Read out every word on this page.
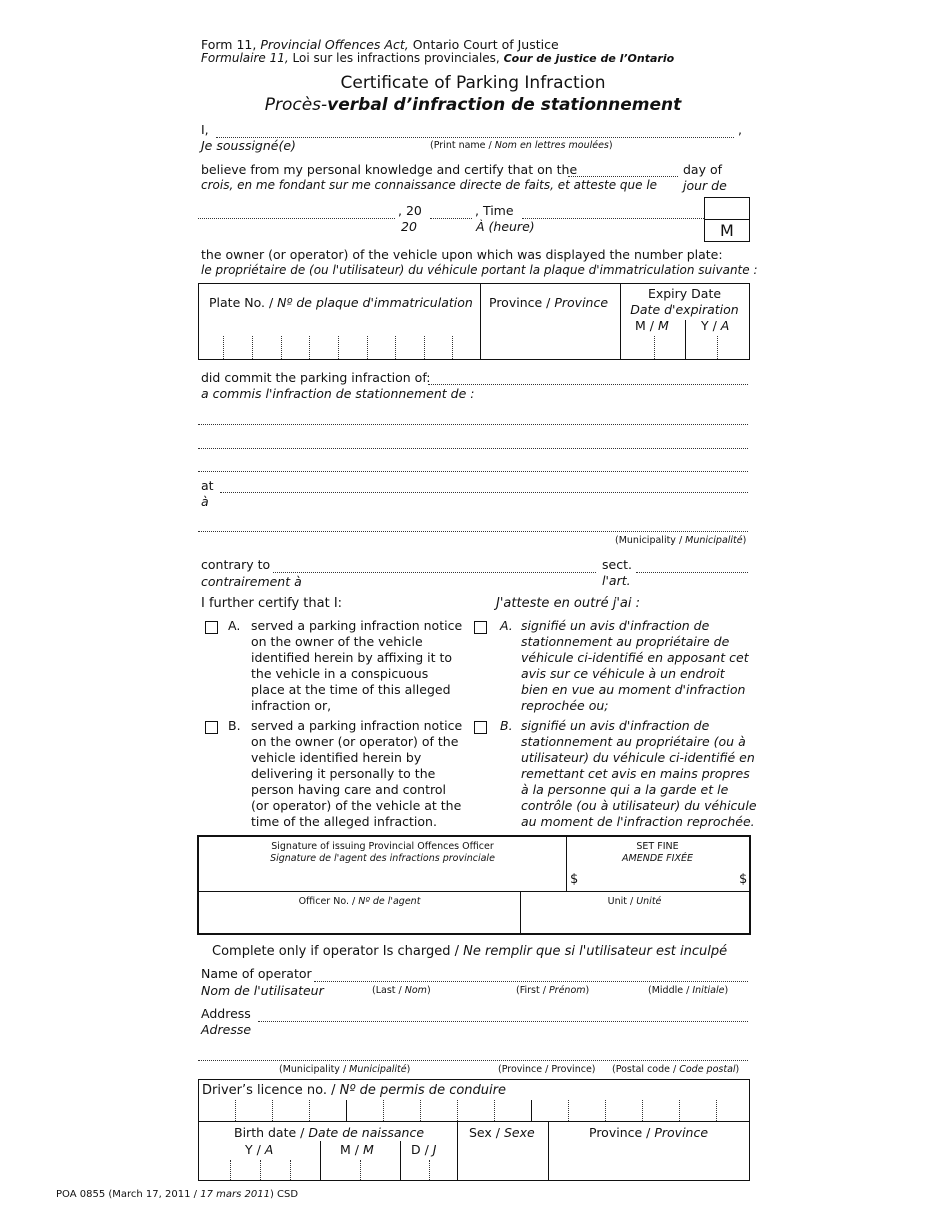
Form 11, Provincial Offences Act, Ontario Court of Justice
Formulaire 11, Loi sur les infractions provinciales, Cour de justice de l’Ontario
Certificate of Parking Infraction
Procès-verbal d’infraction de stationnement
I,	,
Je soussigné(e)	(Print name / Nom en lettres moulées)
believe from my personal knowledge and certify that on the	day of
crois, en me fondant sur me connaissance directe de faits, et atteste que le jour de
, 20
20
, Time
À (heure)	M
the owner (or operator) of the vehicle upon which was displayed the number plate:
le propriétaire de (ou l'utilisateur) du véhicule portant la plaque d'immatriculation suivante :
Plate No. / Nº de plaque d'immatriculation Province / Province
Expiry Date
Date d'expiration
M / M	Y / A
did commit the parking infraction of:
a commis l'infraction de stationnement de :
at
à
(Municipality / Municipalité)
contrary to
contrairement à
sect.
l'art.
I further certify that I:	J'atteste en outré j'ai :
A. served a parking infraction notice
on the owner of the vehicle
identified herein by affixing it to
the vehicle in a conspicuous
place at the time of this alleged
infraction or,
A. signifié un avis d'infraction de
stationnement au propriétaire de
véhicule ci-identifié en apposant cet
avis sur ce véhicule à un endroit
bien en vue au moment d'infraction
reprochée ou;
B. served a parking infraction notice
on the owner (or operator) of the
vehicle identified herein by
delivering it personally to the
person having care and control
(or operator) of the vehicle at the
time of the alleged infraction.
B. signifié un avis d'infraction de
stationnement au propriétaire (ou à
utilisateur) du véhicule ci-identifié en
remettant cet avis en mains propres
à la personne qui a la garde et le
contrôle (ou à utilisateur) du véhicule
au moment de l'infraction reprochée.
Signature of issuing Provincial Offences Officer
Signature de l'agent des infractions provinciale
SET FINE
AMENDE FIXÉE
$	$
Officer No. / Nº de l'agent	Unit / Unité
Complete only if operator Is charged / Ne remplir que si l'utilisateur est inculpé
Name of operator
Nom de l'utilisateur	(Last / Nom)	(First / Prénom)	(Middle / Initiale)
Address
Adresse
(Municipality / Municipalité)	(Province / Province) (Postal code / Code postal)
Driver’s licence no. / Nº de permis de conduire
Birth date / Date de naissance
Y / A	M / M	D / J
Sex / Sexe	Province / Province
POA 0855 (March 17, 2011 / 17 mars 2011) CSD
